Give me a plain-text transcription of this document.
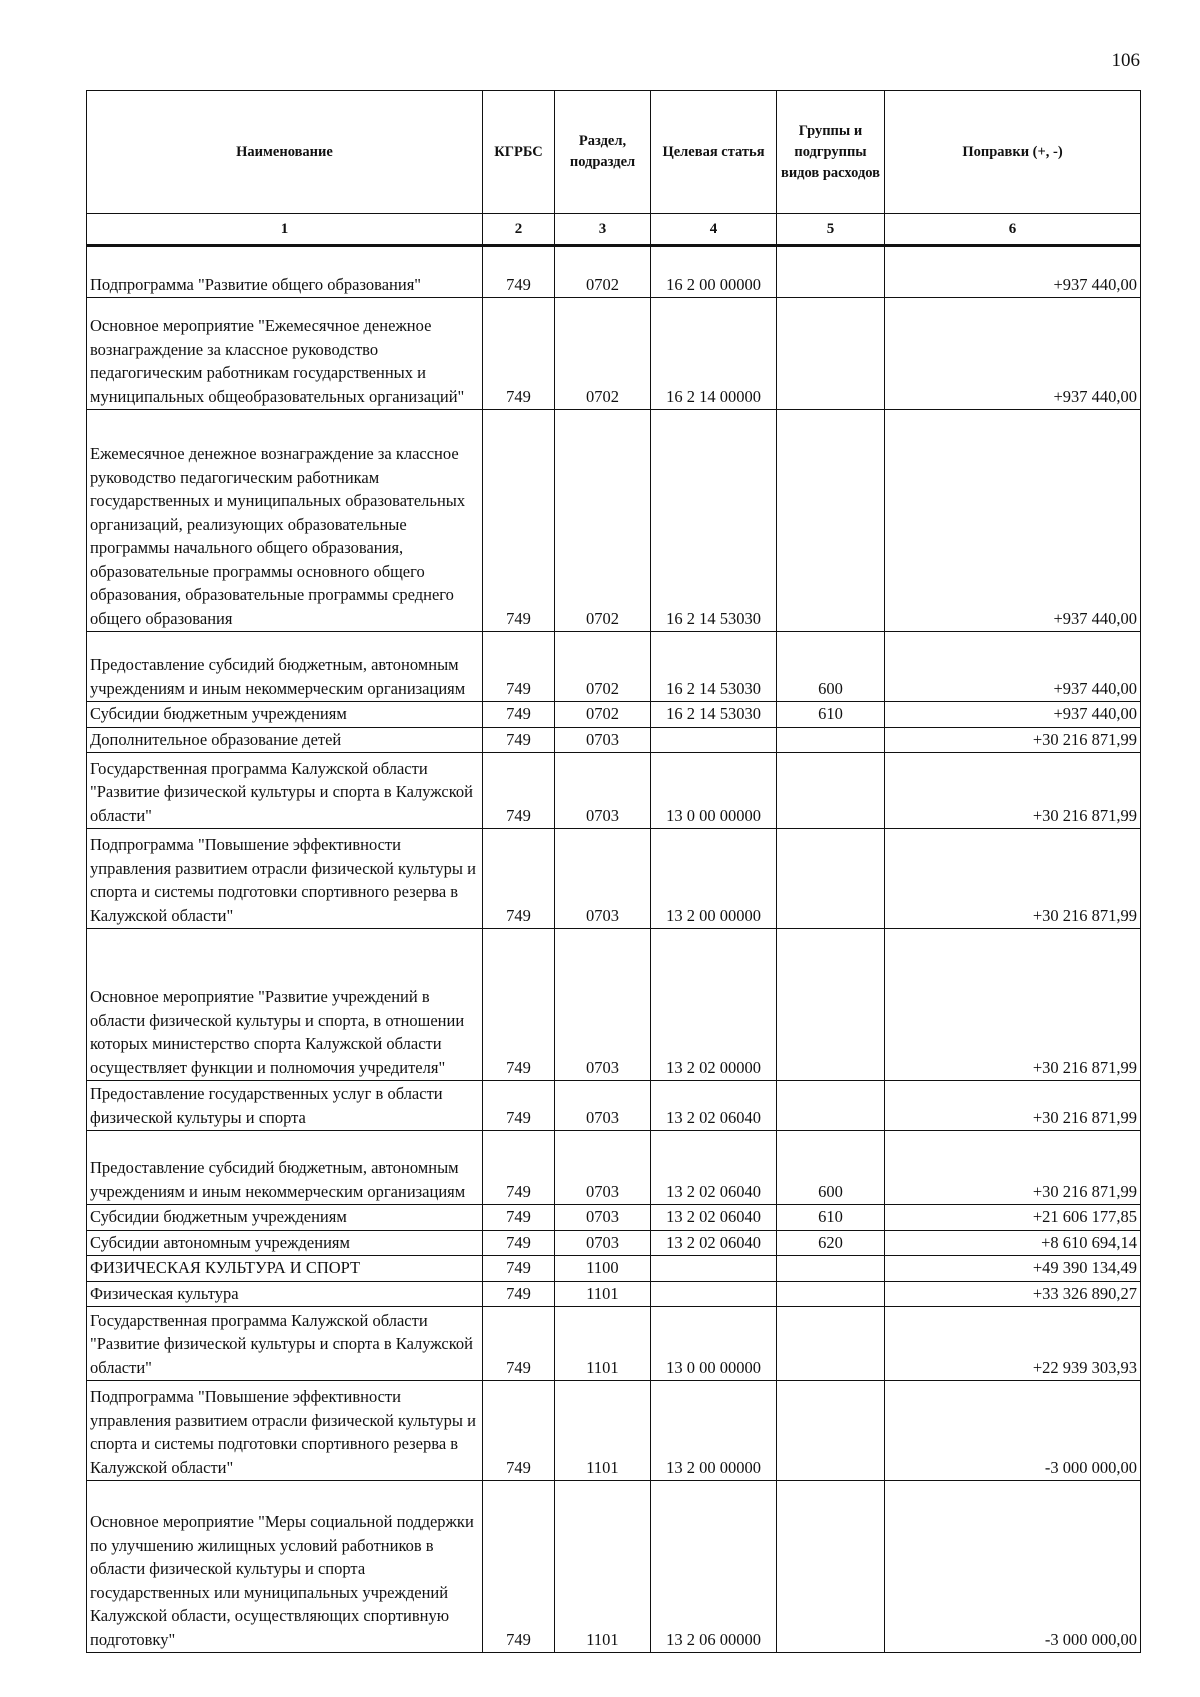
106
Наименование	КГРБС	Раздел, подраздел	Целевая статья	Группы и подгруппы видов расходов	Поправки (+, -)
1	2	3	4	5	6
Подпрограмма "Развитие общего образования"	749	0702	16 2 00 00000		+937 440,00
Основное мероприятие "Ежемесячное денежное вознаграждение за классное руководство педагогическим работникам государственных и муниципальных общеобразовательных организаций"	749	0702	16 2 14 00000		+937 440,00
Ежемесячное денежное вознаграждение за классное руководство педагогическим работникам государственных и муниципальных образовательных организаций, реализующих образовательные программы начального общего образования, образовательные программы основного общего образования, образовательные программы среднего общего образования	749	0702	16 2 14 53030		+937 440,00
Предоставление субсидий бюджетным, автономным учреждениям и иным некоммерческим организациям	749	0702	16 2 14 53030	600	+937 440,00
Субсидии бюджетным учреждениям	749	0702	16 2 14 53030	610	+937 440,00
Дополнительное образование детей	749	0703			+30 216 871,99
Государственная программа Калужской области "Развитие физической культуры и спорта в Калужской области"	749	0703	13 0 00 00000		+30 216 871,99
Подпрограмма "Повышение эффективности управления развитием отрасли физической культуры и спорта и системы подготовки спортивного резерва в Калужской области"	749	0703	13 2 00 00000		+30 216 871,99
Основное мероприятие "Развитие учреждений в области физической культуры и спорта, в отношении которых министерство спорта Калужской области осуществляет функции и полномочия учредителя"	749	0703	13 2 02 00000		+30 216 871,99
Предоставление государственных услуг в области физической культуры и спорта	749	0703	13 2 02 06040		+30 216 871,99
Предоставление субсидий бюджетным, автономным учреждениям и иным некоммерческим организациям	749	0703	13 2 02 06040	600	+30 216 871,99
Субсидии бюджетным учреждениям	749	0703	13 2 02 06040	610	+21 606 177,85
Субсидии автономным учреждениям	749	0703	13 2 02 06040	620	+8 610 694,14
ФИЗИЧЕСКАЯ КУЛЬТУРА И СПОРТ	749	1100			+49 390 134,49
Физическая культура	749	1101			+33 326 890,27
Государственная программа Калужской области "Развитие физической культуры и спорта в Калужской области"	749	1101	13 0 00 00000		+22 939 303,93
Подпрограмма "Повышение эффективности управления развитием отрасли физической культуры и спорта и системы подготовки спортивного резерва в Калужской области"	749	1101	13 2 00 00000		-3 000 000,00
Основное мероприятие "Меры социальной поддержки по улучшению жилищных условий работников в области физической культуры и спорта государственных или муниципальных учреждений Калужской области, осуществляющих спортивную подготовку"	749	1101	13 2 06 00000		-3 000 000,00
